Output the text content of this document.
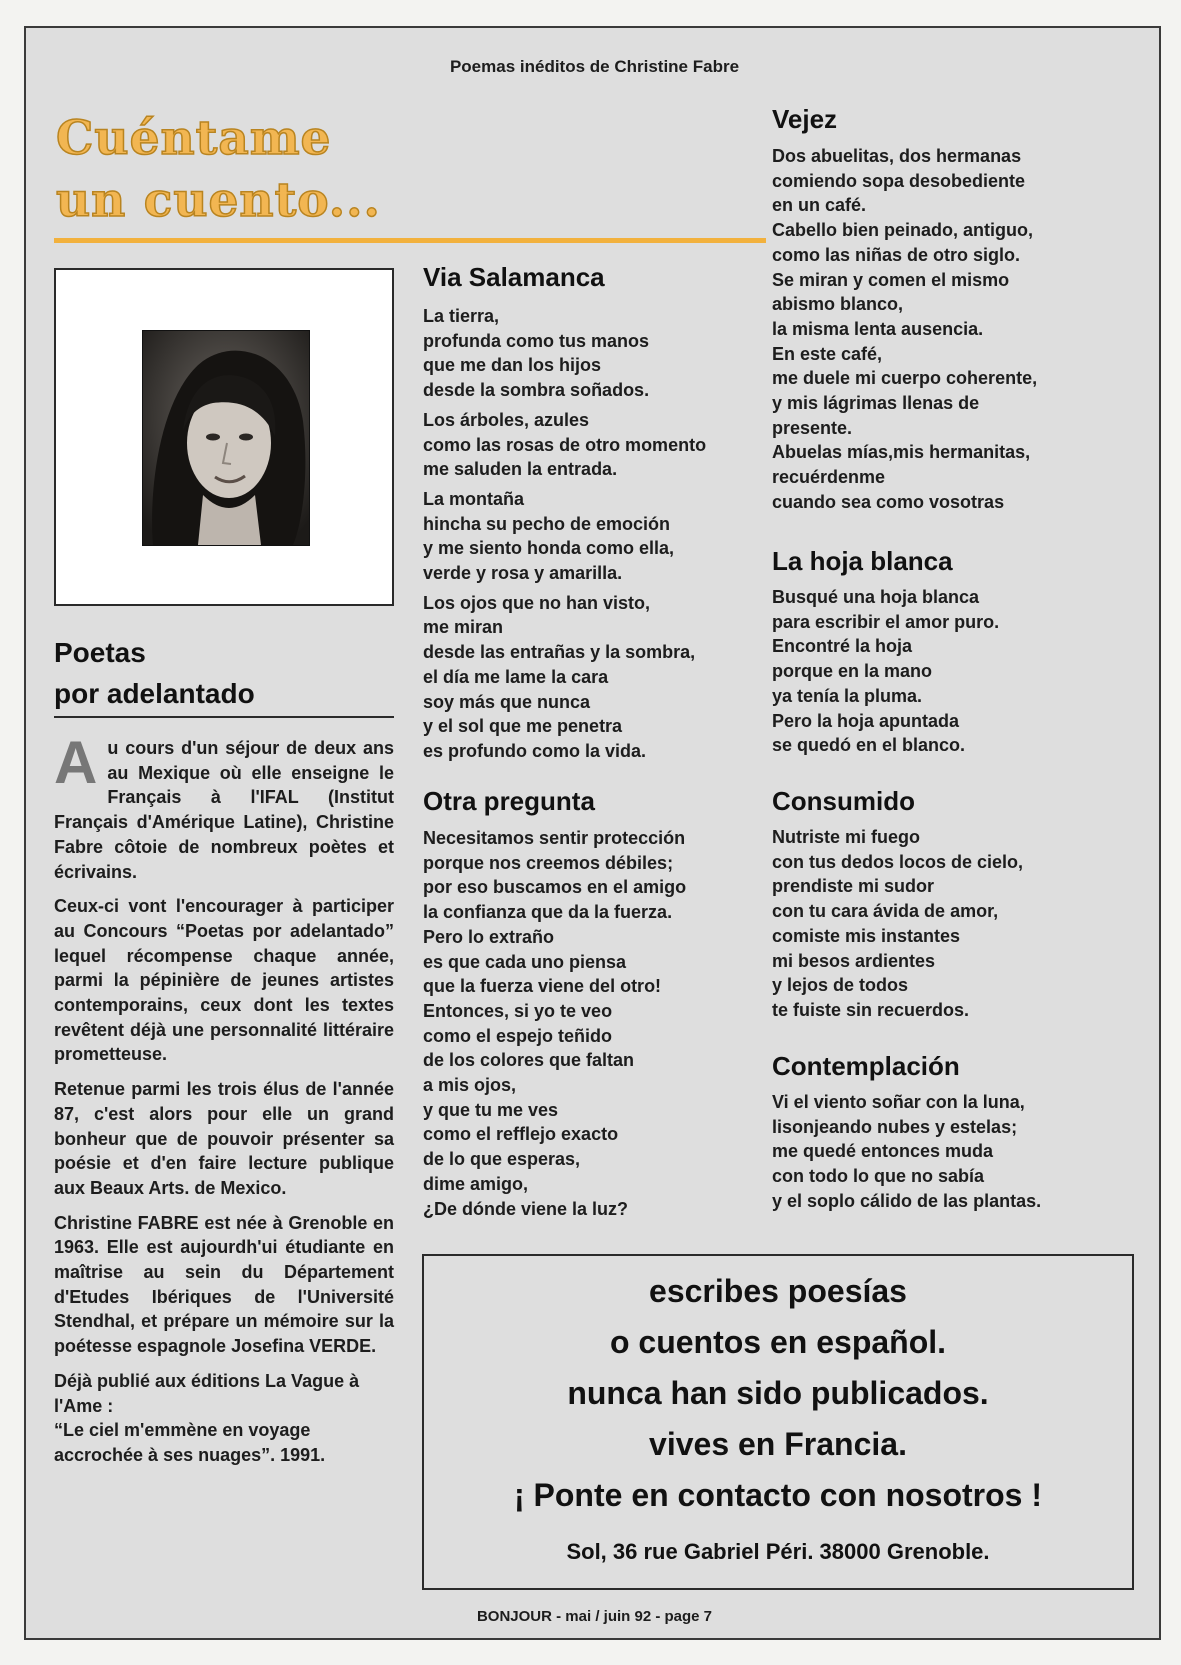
Poemas inéditos de Christine Fabre
Cuéntame
un cuento...
Poetas
por adelantado

Au cours d'un séjour de deux ans au Mexique où elle enseigne le Français à l'IFAL (Institut Français d'Amérique Latine), Christine Fabre côtoie de nombreux poètes et écrivains.

Ceux-ci vont l'encourager à participer au Concours “Poetas por adelantado” lequel récompense chaque année, parmi la pépinière de jeunes artistes contemporains, ceux dont les textes revêtent déjà une personnalité littéraire prometteuse.

Retenue parmi les trois élus de l'année 87, c'est alors pour elle un grand bonheur que de pouvoir présenter sa poésie et d'en faire lecture publique aux Beaux Arts. de Mexico.

Christine FABRE est née à Grenoble en 1963. Elle est aujourdh'ui étudiante en maîtrise au sein du Département d'Etudes Ibériques de l'Université Stendhal, et prépare un mémoire sur la poétesse espagnole Josefina VERDE.

Déjà publié aux éditions La Vague à l'Ame :

“Le ciel m'emmène en voyage accrochée à ses nuages”. 1991.

Via Salamanca
La tierra,
profunda como tus manos
que me dan los hijos
desde la sombra soñados.
Los árboles, azules
como las rosas de otro momento
me saluden la entrada.
La montaña
hincha su pecho de emoción
y me siento honda como ella,
verde y rosa y amarilla.
Los ojos que no han visto,
me miran
desde las entrañas y la sombra,
el día me lame la cara
soy más que nunca
y el sol que me penetra
es profundo como la vida.
Otra pregunta
Necesitamos sentir protección
porque nos creemos débiles;
por eso buscamos en el amigo
la confianza que da la fuerza.
Pero lo extraño
es que cada uno piensa
que la fuerza viene del otro!
Entonces, si yo te veo
como el espejo teñido
de los colores que faltan
a mis ojos,
y que tu me ves
como el refflejo exacto
de lo que esperas,
dime amigo,
¿De dónde viene la luz?
Vejez
Dos abuelitas, dos hermanas
comiendo sopa desobediente
en un café.
Cabello bien peinado, antiguo,
como las niñas de otro siglo.
Se miran y comen el mismo
abismo blanco,
la misma lenta ausencia.
En este café,
me duele mi cuerpo coherente,
y mis lágrimas llenas de
presente.
Abuelas mías,mis hermanitas,
recuérdenme
cuando sea como vosotras
La hoja blanca
Busqué una hoja blanca
para escribir el amor puro.
Encontré la hoja
porque en la mano
ya tenía la pluma.
Pero la hoja apuntada
se quedó en el blanco.
Consumido
Nutriste mi fuego
con tus dedos locos de cielo,
prendiste mi sudor
con tu cara ávida de amor,
comiste mis instantes
mi besos ardientes
y lejos de todos
te fuiste sin recuerdos.
Contemplación
Vi el viento soñar con la luna,
lisonjeando nubes y estelas;
me quedé entonces muda
con todo lo que no sabía
y el soplo cálido de las plantas.
escribes poesías
o cuentos en español.
nunca han sido publicados.
vives en Francia.
¡ Ponte en contacto con nosotros !
Sol, 36 rue Gabriel Péri. 38000 Grenoble.
BONJOUR - mai / juin 92 - page 7
